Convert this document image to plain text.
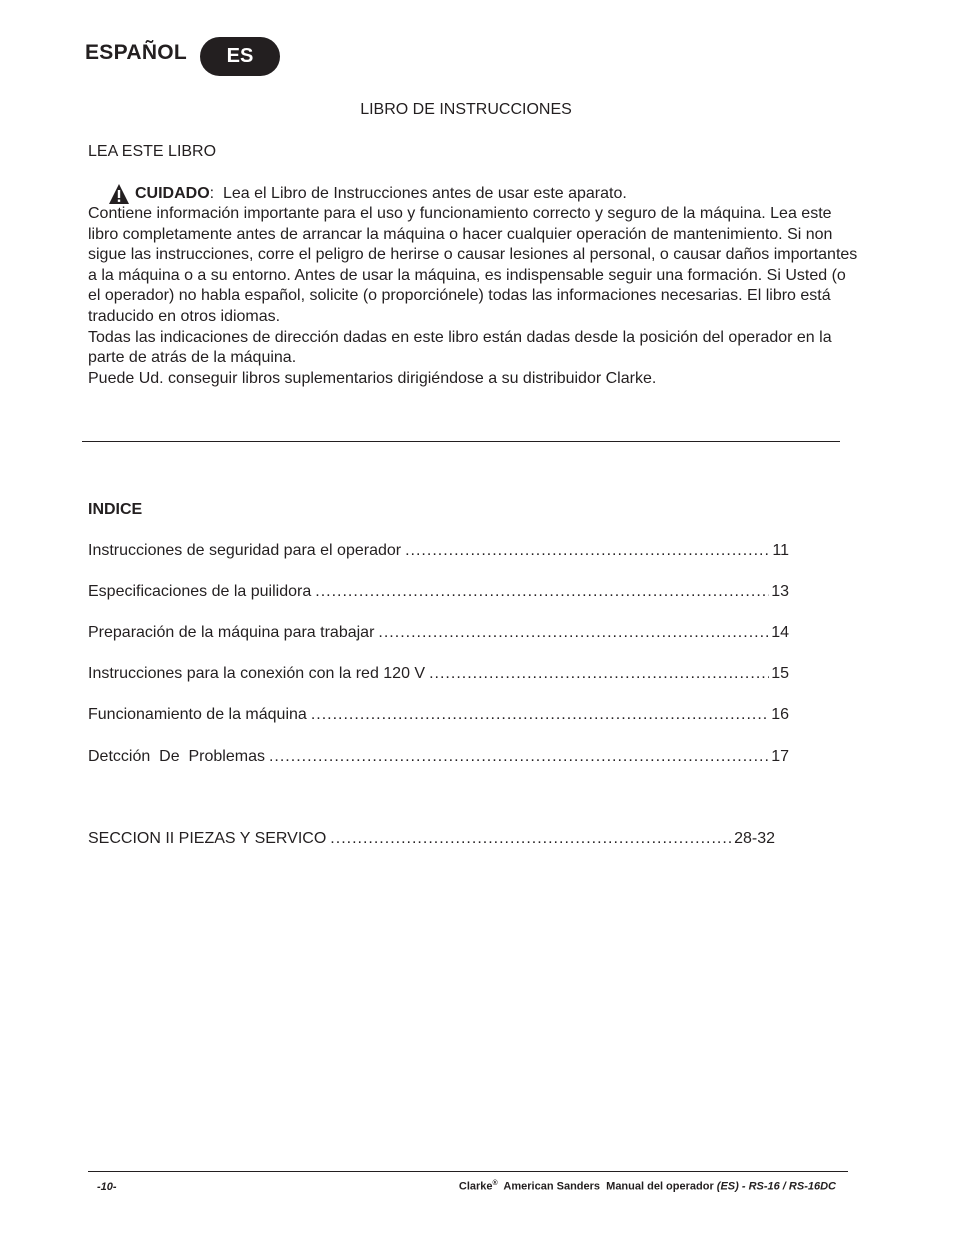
ESPAÑOL	ES
LIBRO DE INSTRUCCIONES
LEA ESTE LIBRO
CUIDADO :  Lea el Libro de Instrucciones antes de usar este aparato.

Contiene información importante para el uso y funcionamiento correcto y seguro de la máquina. Lea este libro completamente antes de arrancar la máquina o hacer cualquier operación de mantenimiento. Si non sigue las instrucciones, corre el peligro de herirse o causar lesiones al personal, o causar daños importantes a la máquina o a su entorno. Antes de usar la máquina, es indispensable seguir una formación. Si Usted (o el operador) no habla español, solicite (o proporciónele) todas las informaciones necesarias. El libro está traducido en otros idiomas.

Todas las indicaciones de dirección dadas en este libro están dadas desde la posición del operador en la parte de atrás de la máquina.

Puede Ud. conseguir libros suplementarios dirigiéndose a su distribuidor Clarke.

INDICE
Instrucciones de seguridad para el operador .....	11
Especificaciones de la puilidora .....	13
Preparación de la máquina para trabajar .....	14
Instrucciones para la conexión con la red 120 V .....	15
Funcionamiento de la máquina .....	16
Detcción  De  Problemas .....	17
SECCION II PIEZAS Y SERVICO .....	28-32
-10-	Clarke® American Sanders Manual del operador (ES) - RS-16 / RS-16DC
